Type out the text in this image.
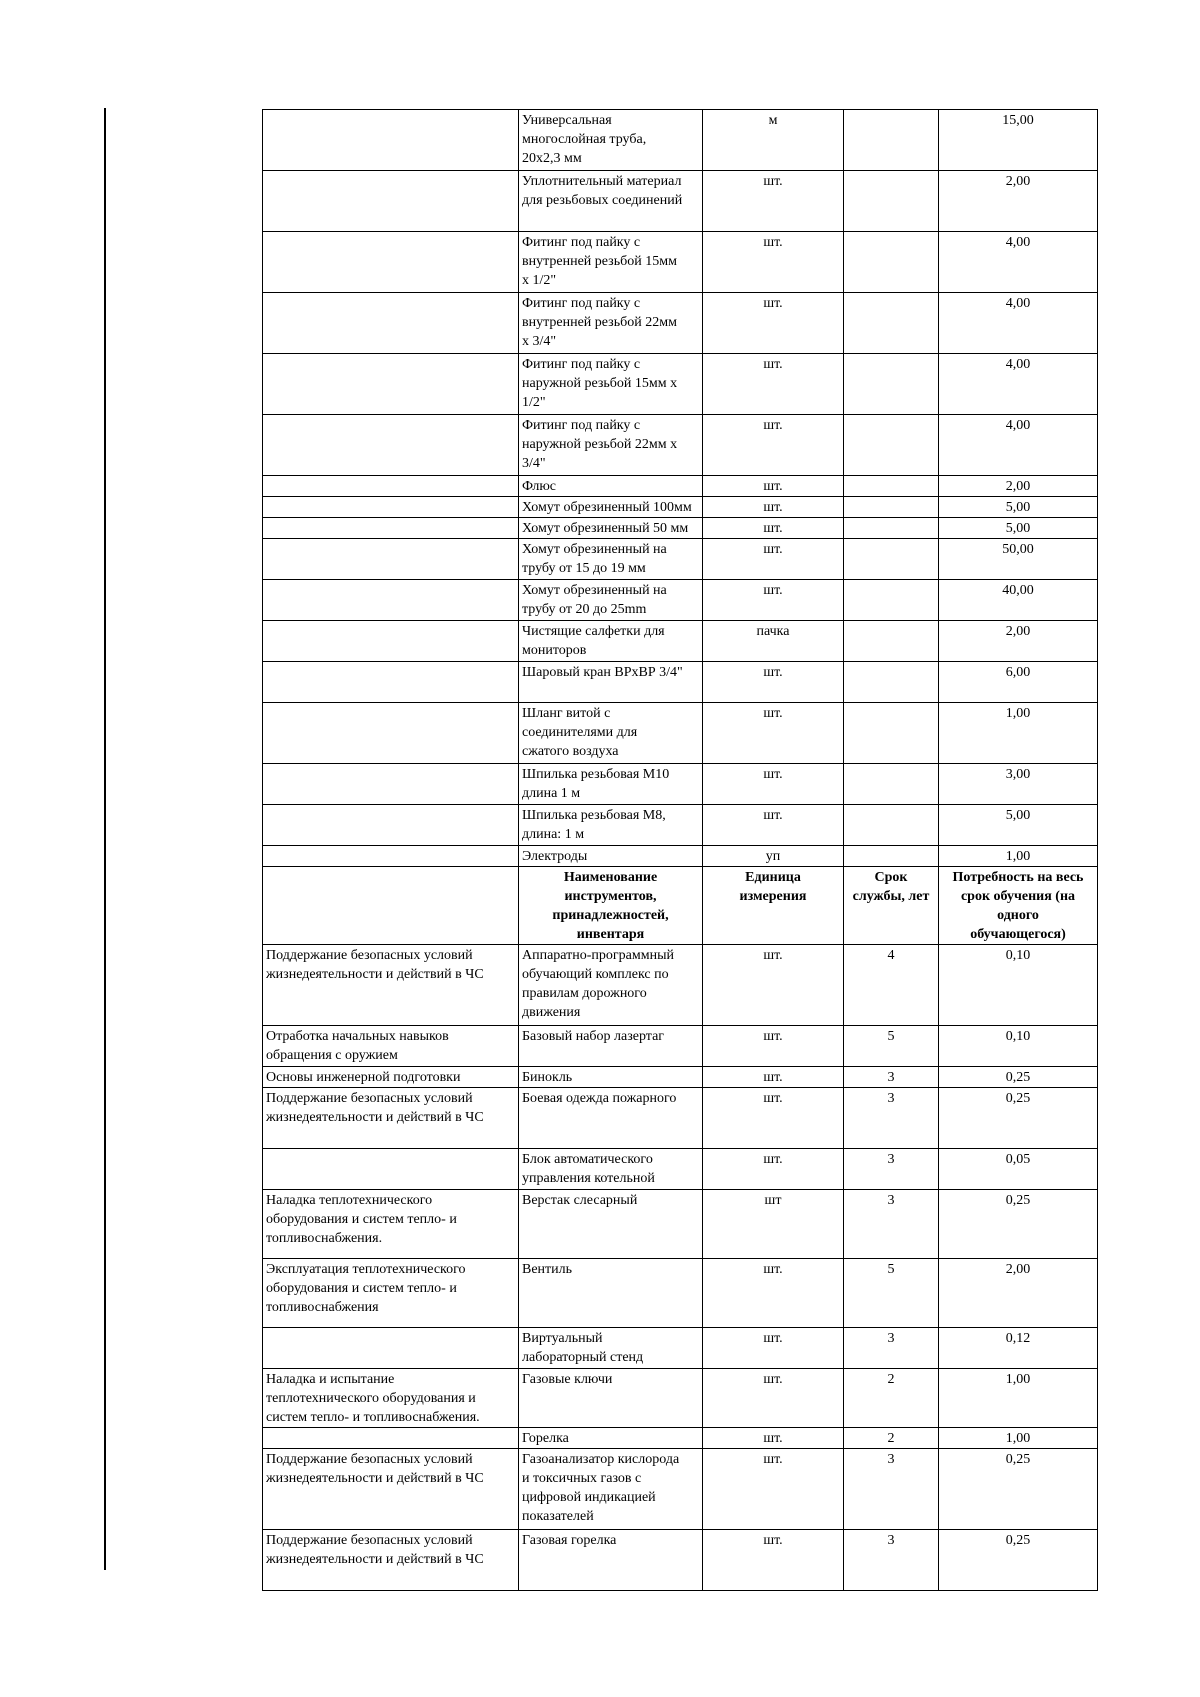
	Универсальная
многослойная труба,
20х2,3 мм	м		15,00
	Уплотнительный материал
для резьбовых соединений	шт.		2,00
	Фитинг под пайку с
внутренней резьбой 15мм
х 1/2"	шт.		4,00
	Фитинг под пайку с
внутренней резьбой 22мм
х 3/4"	шт.		4,00
	Фитинг под пайку с
наружной резьбой 15мм х
1/2"	шт.		4,00
	Фитинг под пайку с
наружной резьбой 22мм х
3/4"	шт.		4,00
	Флюс	шт.		2,00
	Хомут обрезиненный 100мм	шт.		5,00
	Хомут обрезиненный 50 мм	шт.		5,00
	Хомут обрезиненный на
трубу от 15 до 19 мм	шт.		50,00
	Хомут обрезиненный на
трубу от 20 до 25mm	шт.		40,00
	Чистящие салфетки для
мониторов	пачка		2,00
	Шаровый кран ВРхВР 3/4"	шт.		6,00
	Шланг витой с
соединителями для
сжатого воздуха	шт.		1,00
	Шпилька резьбовая М10
длина 1 м	шт.		3,00
	Шпилька резьбовая М8,
длина: 1 м	шт.		5,00
	Электроды	уп		1,00
	Наименование
инструментов,
принадлежностей,
инвентаря	Единица
измерения	Срок
службы, лет	Потребность на весь
срок обучения (на
одного
обучающегося)
Поддержание безопасных условий
жизнедеятельности и действий в ЧС	Аппаратно-программный
обучающий комплекс по
правилам дорожного
движения	шт.	4	0,10
Отработка начальных навыков
обращения с оружием	Базовый набор лазертаг	шт.	5	0,10
Основы инженерной подготовки	Бинокль	шт.	3	0,25
Поддержание безопасных условий
жизнедеятельности и действий в ЧС	Боевая одежда пожарного	шт.	3	0,25
	Блок автоматического
управления котельной	шт.	3	0,05
Наладка теплотехнического
оборудования и систем тепло- и
топливоснабжения.	Верстак слесарный	шт	3	0,25
Эксплуатация теплотехнического
оборудования и систем тепло- и
топливоснабжения	Вентиль	шт.	5	2,00
	Виртуальный
лабораторный стенд	шт.	3	0,12
Наладка и испытание
теплотехнического оборудования и
систем тепло- и топливоснабжения.	Газовые ключи	шт.	2	1,00
	Горелка	шт.	2	1,00
Поддержание безопасных условий
жизнедеятельности и действий в ЧС	Газоанализатор кислорода
и токсичных газов с
цифровой индикацией
показателей	шт.	3	0,25
Поддержание безопасных условий
жизнедеятельности и действий в ЧС	Газовая горелка	шт.	3	0,25
